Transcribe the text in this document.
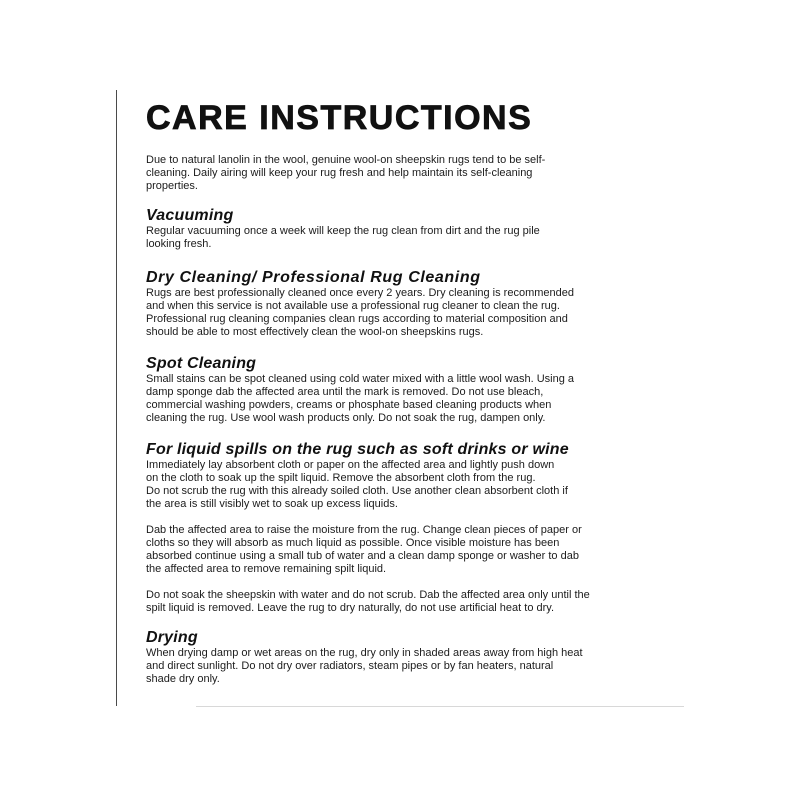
CARE INSTRUCTIONS

Due to natural lanolin in the wool, genuine wool-on sheepskin rugs tend to be self-
cleaning. Daily airing will keep your rug fresh and help maintain its self-cleaning
properties.

Vacuuming

Regular vacuuming once a week will keep the rug clean from dirt and the rug pile
looking fresh.

Dry Cleaning/ Professional Rug Cleaning

Rugs are best professionally cleaned once every 2 years. Dry cleaning is recommended
and when this service is not available use a professional rug cleaner to clean the rug.
Professional rug cleaning companies clean rugs according to material composition and
should be able to most effectively clean the wool-on sheepskins rugs.

Spot Cleaning

Small stains can be spot cleaned using cold water mixed with a little wool wash. Using a
damp sponge dab the affected area until the mark is removed. Do not use bleach,
commercial washing powders, creams or phosphate based cleaning products when
cleaning the rug. Use wool wash products only. Do not soak the rug, dampen only.

For liquid spills on the rug such as soft drinks or wine

Immediately lay absorbent cloth or paper on the affected area and lightly push down
on the cloth to soak up the spilt liquid. Remove the absorbent cloth from the rug.
Do not scrub the rug with this already soiled cloth. Use another clean absorbent cloth if
the area is still visibly wet to soak up excess liquids.

Dab the affected area to raise the moisture from the rug. Change clean pieces of paper or
cloths so they will absorb as much liquid as possible. Once visible moisture has been
absorbed continue using a small tub of water and a clean damp sponge or washer to dab
the affected area to remove remaining spilt liquid.

Do not soak the sheepskin with water and do not scrub. Dab the affected area only until the
spilt liquid is removed. Leave the rug to dry naturally, do not use artificial heat to dry.

Drying

When drying damp or wet areas on the rug, dry only in shaded areas away from high heat
and direct sunlight. Do not dry over radiators, steam pipes or by fan heaters, natural
shade dry only.
